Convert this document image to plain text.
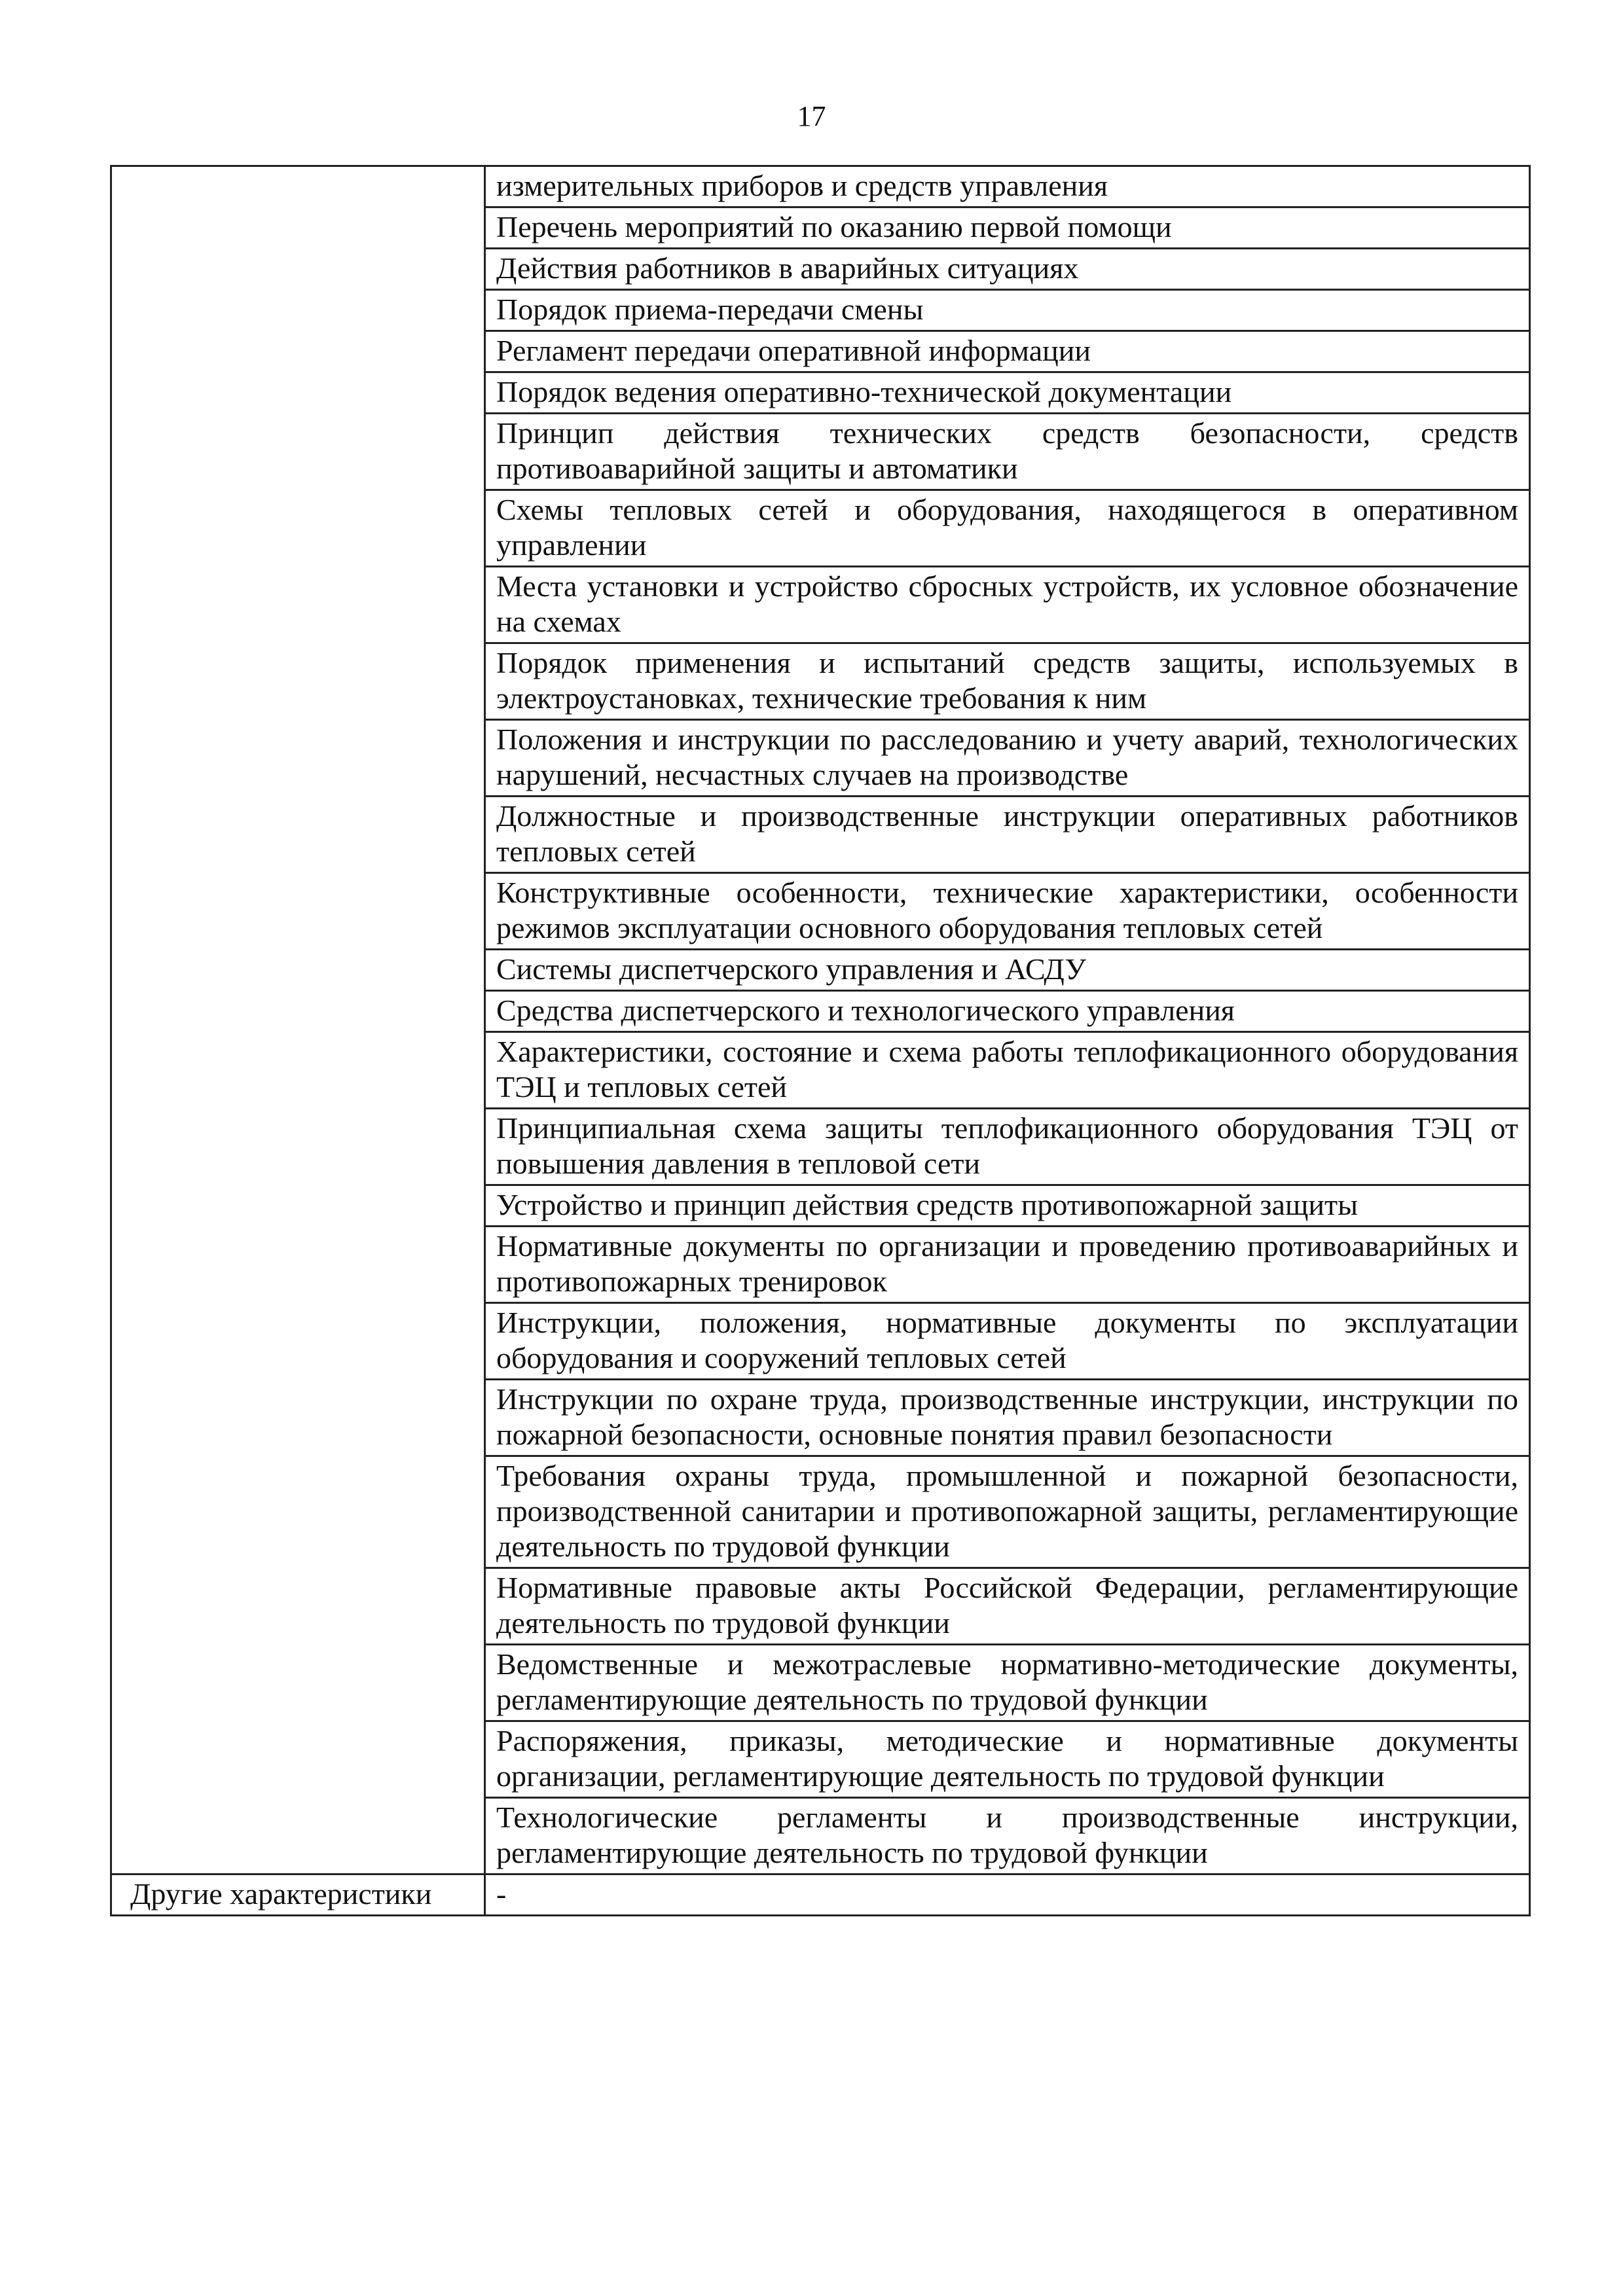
17
	измерительных приборов и средств управления
	Перечень мероприятий по оказанию первой помощи
	Действия работников в аварийных ситуациях
	Порядок приема-передачи смены
	Регламент передачи оперативной информации
	Порядок ведения оперативно-технической документации
	Принцип действия технических средств безопасности, средств противоаварийной защиты и автоматики
	Схемы тепловых сетей и оборудования, находящегося в оперативном управлении
	Места установки и устройство сбросных устройств, их условное обозначение на схемах
	Порядок применения и испытаний средств защиты, используемых в электроустановках, технические требования к ним
	Положения и инструкции по расследованию и учету аварий, технологических нарушений, несчастных случаев на производстве
	Должностные и производственные инструкции оперативных работников тепловых сетей
	Конструктивные особенности, технические характеристики, особенности режимов эксплуатации основного оборудования тепловых сетей
	Системы диспетчерского управления и АСДУ
	Средства диспетчерского и технологического управления
	Характеристики, состояние и схема работы теплофикационного оборудования ТЭЦ и тепловых сетей
	Принципиальная схема защиты теплофикационного оборудования ТЭЦ от повышения давления в тепловой сети
	Устройство и принцип действия средств противопожарной защиты
	Нормативные документы по организации и проведению противоаварийных и противопожарных тренировок
	Инструкции, положения, нормативные документы по эксплуатации оборудования и сооружений тепловых сетей
	Инструкции по охране труда, производственные инструкции, инструкции по пожарной безопасности, основные понятия правил безопасности
	Требования охраны труда, промышленной и пожарной безопасности, производственной санитарии и противопожарной защиты, регламентирующие деятельность по трудовой функции
	Нормативные правовые акты Российской Федерации, регламентирующие деятельность по трудовой функции
	Ведомственные и межотраслевые нормативно-методические документы, регламентирующие деятельность по трудовой функции
	Распоряжения, приказы, методические и нормативные документы организации, регламентирующие деятельность по трудовой функции
	Технологические регламенты и производственные инструкции, регламентирующие деятельность по трудовой функции
Другие характеристики	-
